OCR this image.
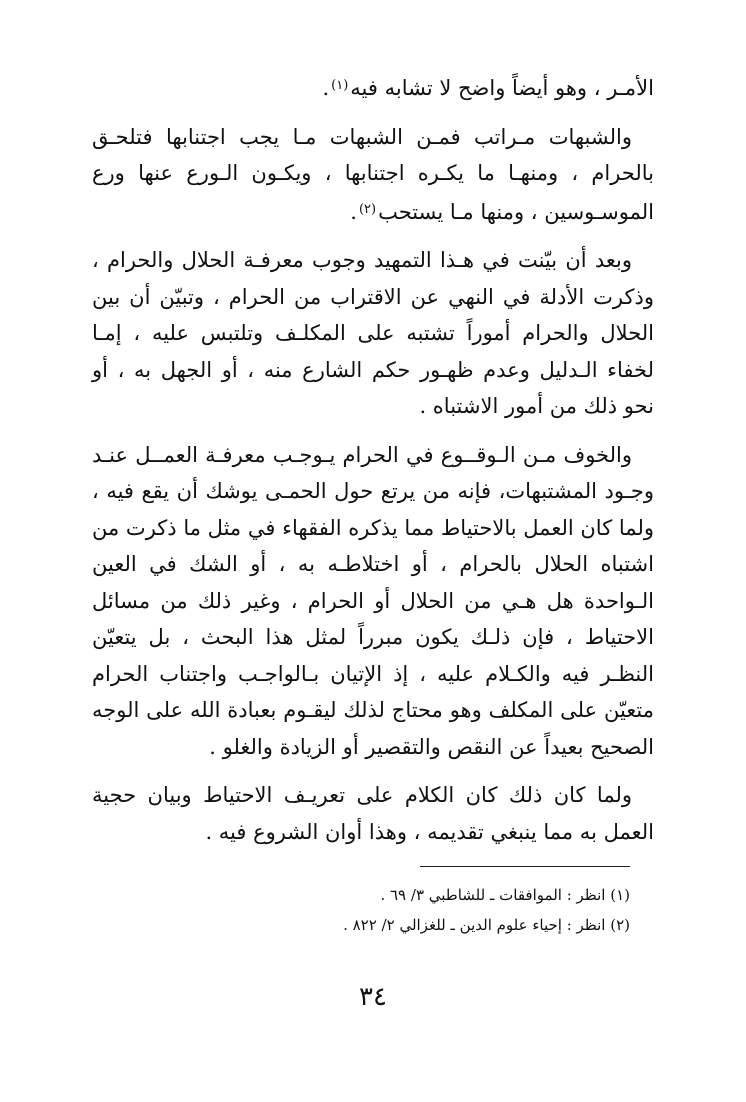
الأمـر ، وهو أيضاً واضح لا تشابه فيه$^{(١)}$.

والشبهات مـراتب فمـن الشبهات مـا يجب اجتنابها فتلحـق بالحرام ، ومنهـا ما يكـره اجتنابها ، ويكـون الـورع عنها ورع الموسـوسين ، ومنها مـا يستحب$^{(٢)}$.

وبعد أن بيّنت في هـذا التمهيد وجوب معرفـة الحلال والحرام ، وذكرت الأدلة في النهي عن الاقتراب من الحرام ، وتبيّن أن بين الحلال والحرام أموراً تشتبه على المكلـف وتلتبس عليه ، إمـا لخفاء الـدليل وعدم ظهـور حكم الشارع منه ، أو الجهل به ، أو نحو ذلك من أمور الاشتباه .

والخوف مـن الـوقــوع في الحرام يـوجـب معرفـة العمــل عنـد وجـود المشتبهات، فإنه من يرتع حول الحمـى يوشك أن يقع فيه ، ولما كان العمل بالاحتياط مما يذكره الفقهاء في مثل ما ذكرت من اشتباه الحلال بالحرام ، أو اختلاطـه به ، أو الشك في العين الـواحدة هل هـي من الحلال أو الحرام ، وغير ذلك من مسائل الاحتياط ، فإن ذلـك يكون مبرراً لمثل هذا البحث ، بل يتعيّن النظـر فيه والكـلام عليه ، إذ الإتيان بـالواجـب واجتناب الحرام متعيّن على المكلف وهو محتاج لذلك ليقـوم بعبادة الله على الوجه الصحيح بعيداً عن النقص والتقصير أو الزيادة والغلو .

ولما كان ذلك كان الكلام على تعريـف الاحتياط وبيان حجية العمل به مما ينبغي تقديمه ، وهذا أوان الشروع فيه .

(١) انظر : الموافقات ـ للشاطبي ٣/ ٦٩ .

(٢) انظر : إحياء علوم الدين ـ للغزالي ٢/ ٨٢٢ .

٣٤
